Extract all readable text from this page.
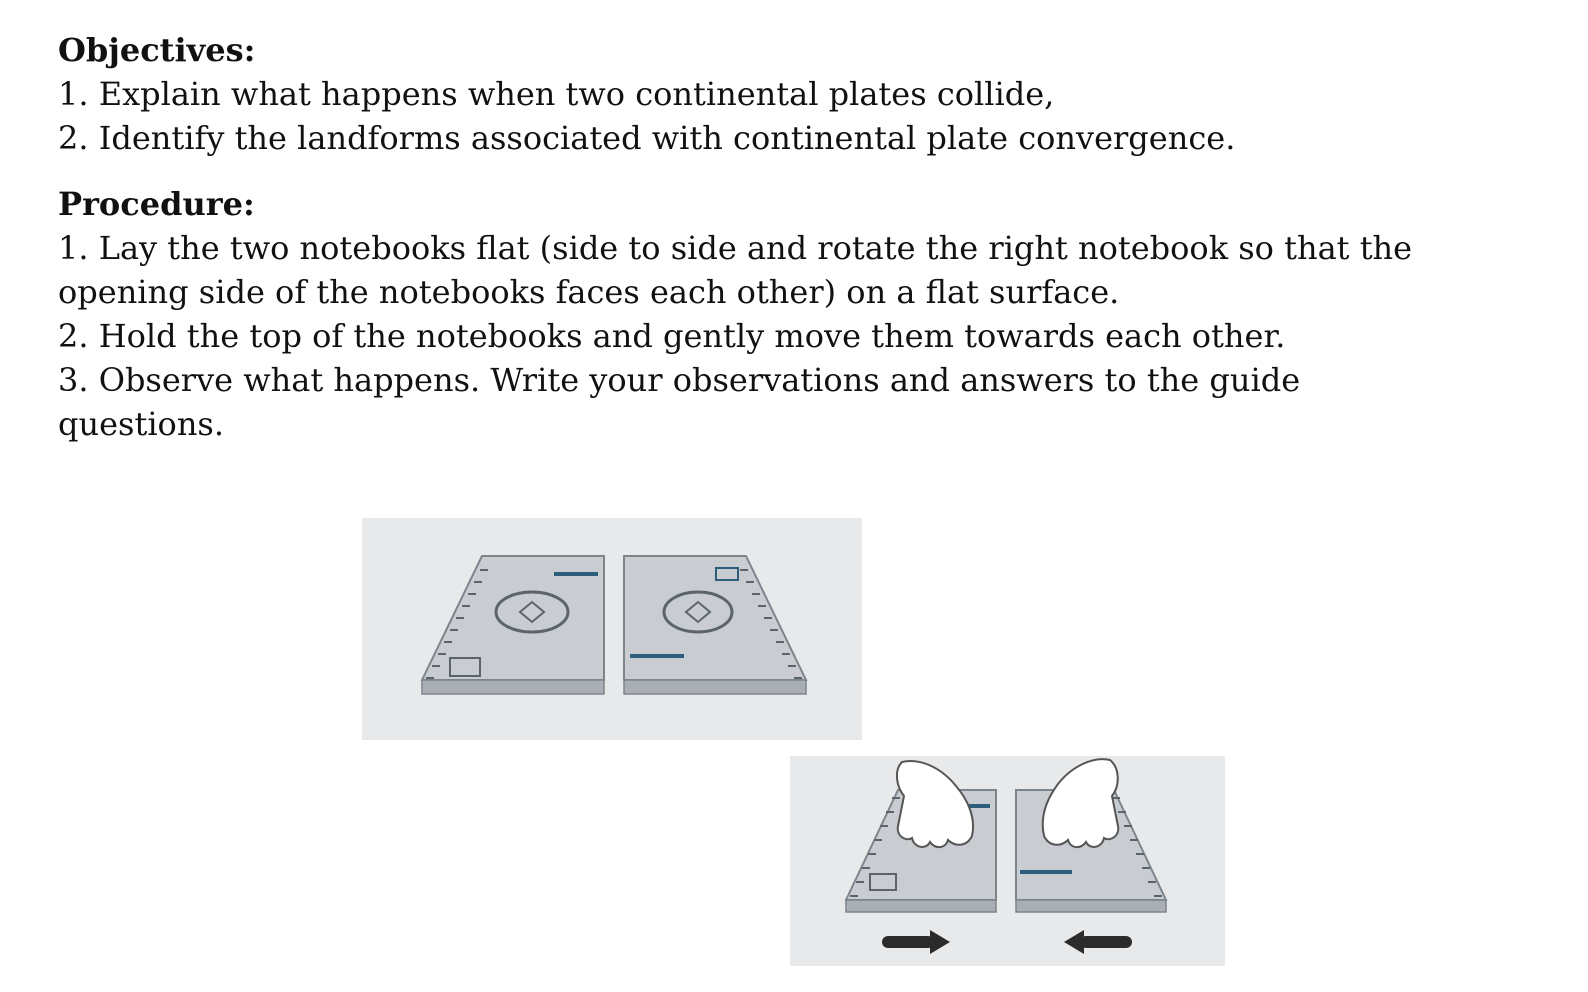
Objectives:

1. Explain what happens when two continental plates collide,

2. Identify the landforms associated with continental plate convergence.

Procedure:

1. Lay the two notebooks flat (side to side and rotate the right notebook so that the

opening side of the notebooks faces each other) on a flat surface.

2. Hold the top of the notebooks and gently move them towards each other.

3. Observe what happens. Write your observations and answers to the guide

questions.
